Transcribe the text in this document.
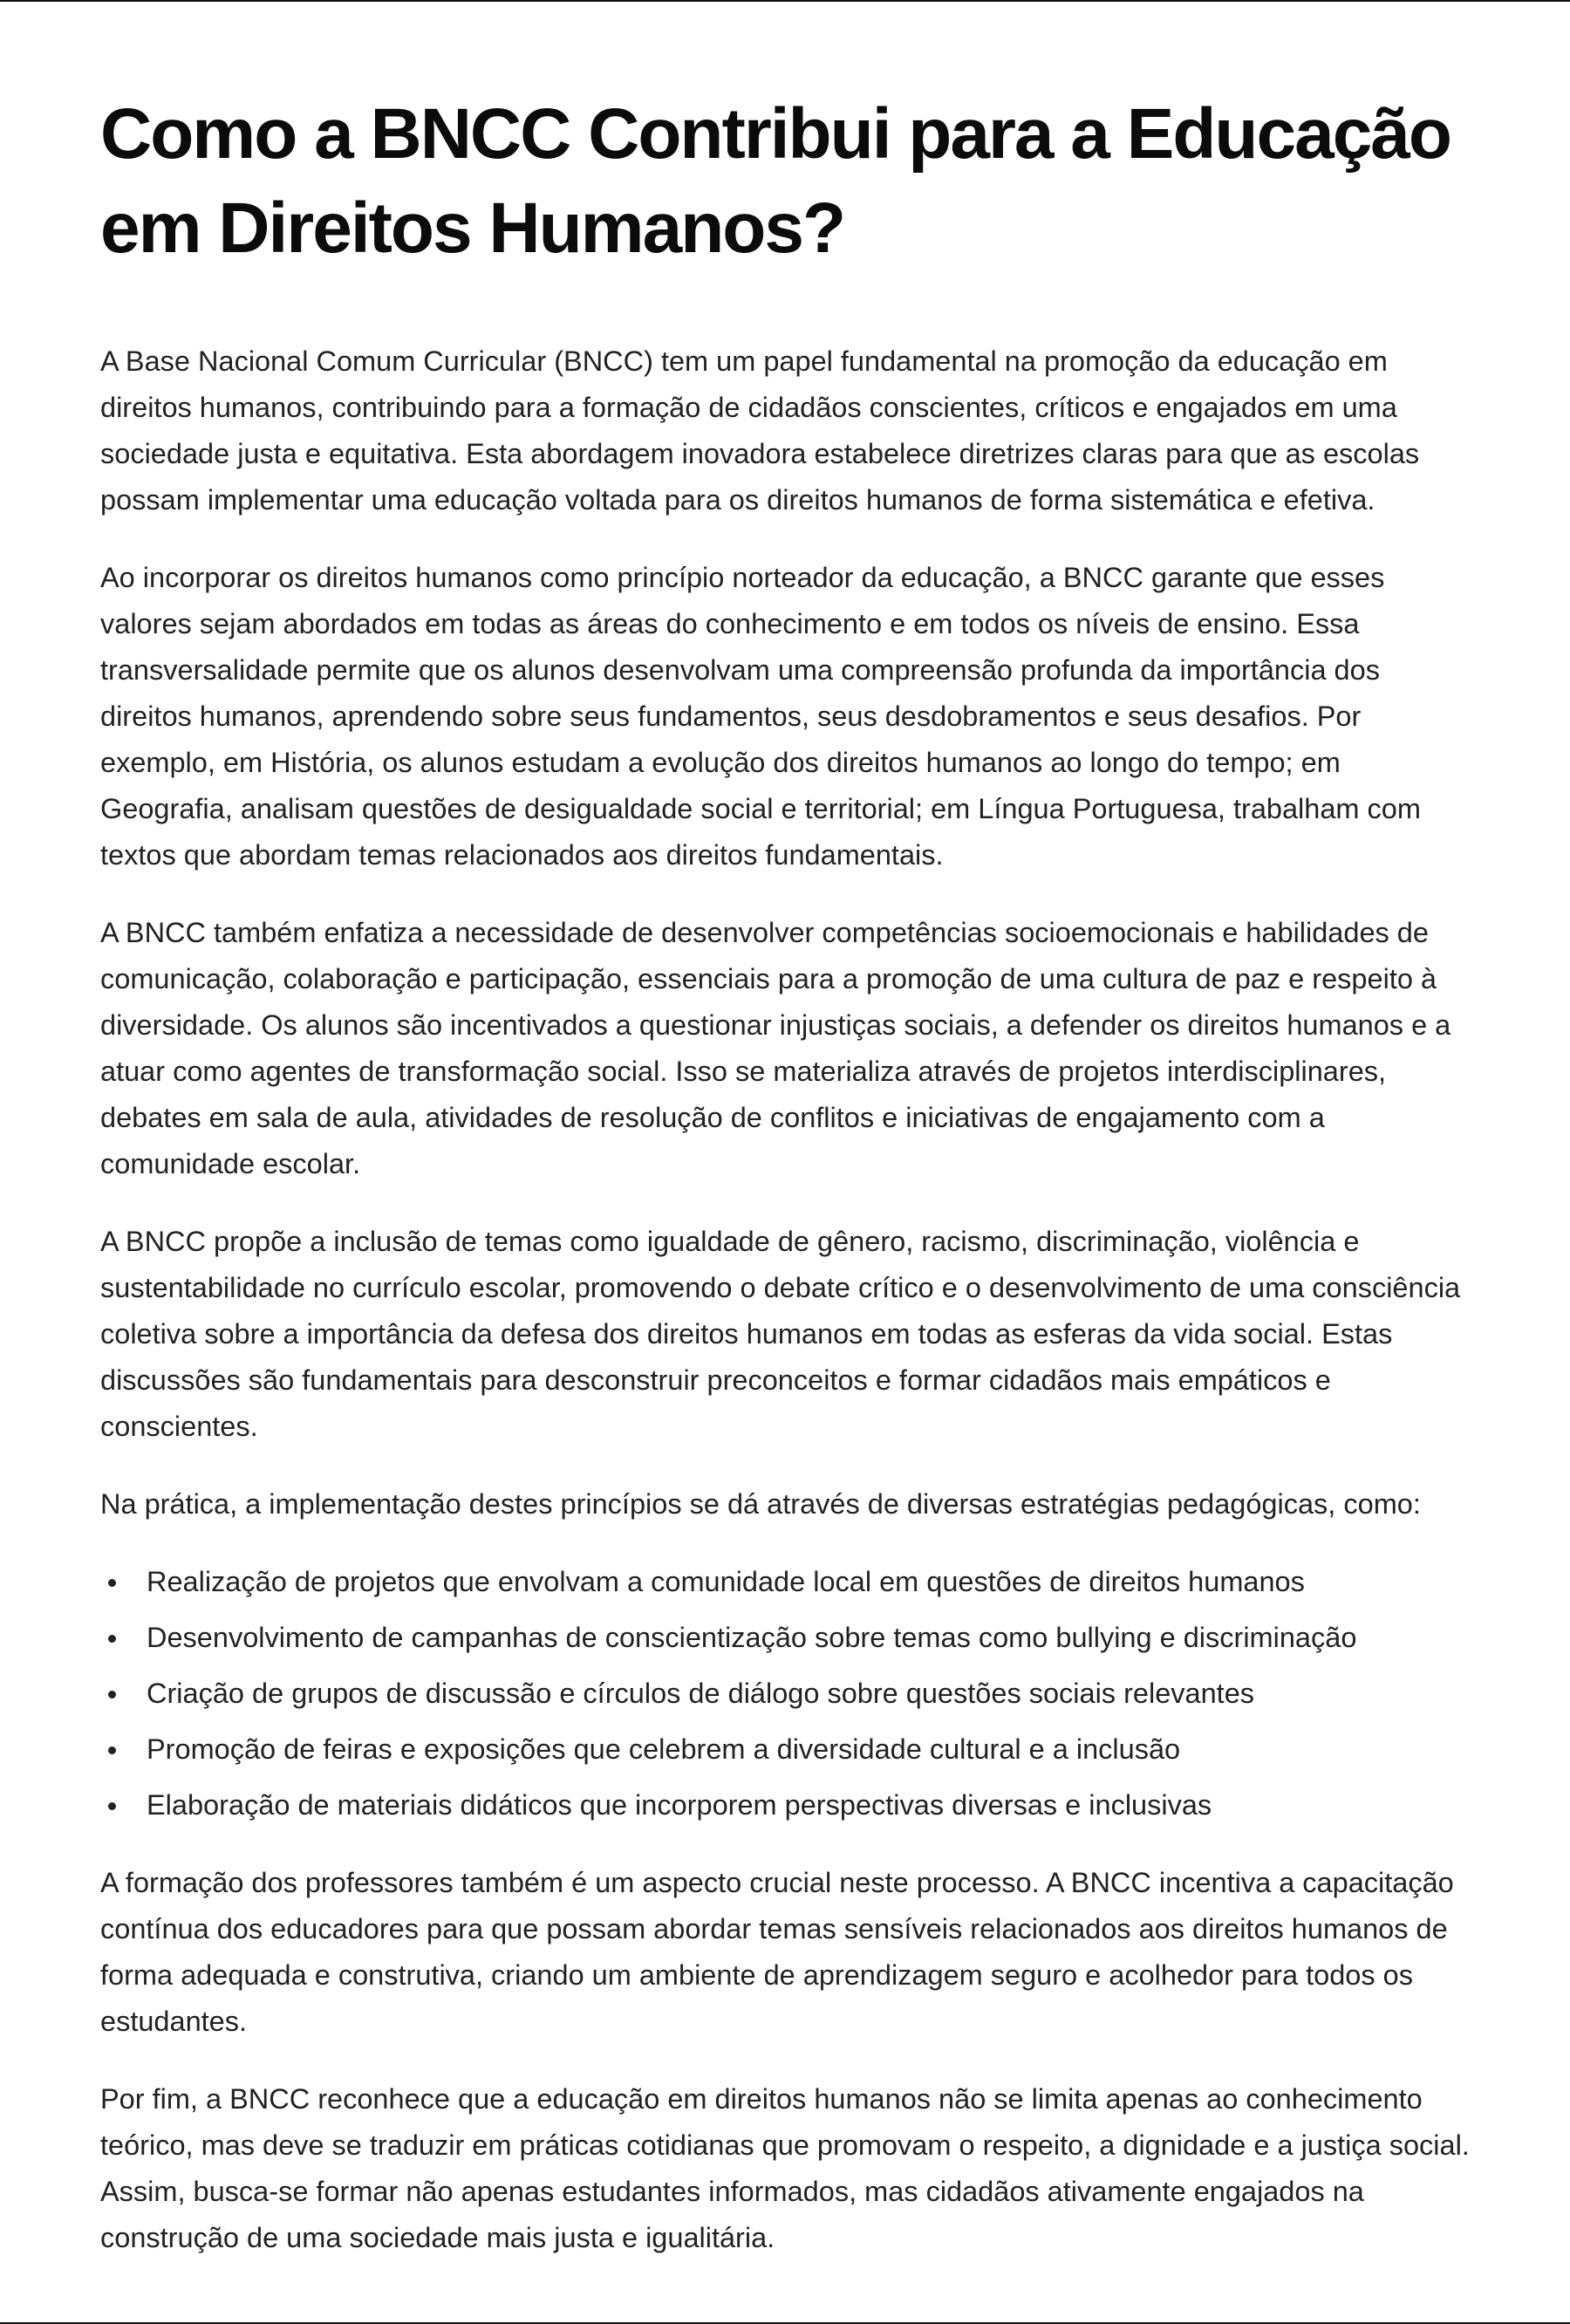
Como a BNCC Contribui para a Educação em Direitos Humanos?

A Base Nacional Comum Curricular (BNCC) tem um papel fundamental na promoção da educação em direitos humanos, contribuindo para a formação de cidadãos conscientes, críticos e engajados em uma sociedade justa e equitativa. Esta abordagem inovadora estabelece diretrizes claras para que as escolas possam implementar uma educação voltada para os direitos humanos de forma sistemática e efetiva.

Ao incorporar os direitos humanos como princípio norteador da educação, a BNCC garante que esses valores sejam abordados em todas as áreas do conhecimento e em todos os níveis de ensino. Essa transversalidade permite que os alunos desenvolvam uma compreensão profunda da importância dos direitos humanos, aprendendo sobre seus fundamentos, seus desdobramentos e seus desafios. Por exemplo, em História, os alunos estudam a evolução dos direitos humanos ao longo do tempo; em Geografia, analisam questões de desigualdade social e territorial; em Língua Portuguesa, trabalham com textos que abordam temas relacionados aos direitos fundamentais.

A BNCC também enfatiza a necessidade de desenvolver competências socioemocionais e habilidades de comunicação, colaboração e participação, essenciais para a promoção de uma cultura de paz e respeito à diversidade. Os alunos são incentivados a questionar injustiças sociais, a defender os direitos humanos e a atuar como agentes de transformação social. Isso se materializa através de projetos interdisciplinares, debates em sala de aula, atividades de resolução de conflitos e iniciativas de engajamento com a comunidade escolar.

A BNCC propõe a inclusão de temas como igualdade de gênero, racismo, discriminação, violência e sustentabilidade no currículo escolar, promovendo o debate crítico e o desenvolvimento de uma consciência coletiva sobre a importância da defesa dos direitos humanos em todas as esferas da vida social. Estas discussões são fundamentais para desconstruir preconceitos e formar cidadãos mais empáticos e conscientes.

Na prática, a implementação destes princípios se dá através de diversas estratégias pedagógicas, como:

Realização de projetos que envolvam a comunidade local em questões de direitos humanos
Desenvolvimento de campanhas de conscientização sobre temas como bullying e discriminação
Criação de grupos de discussão e círculos de diálogo sobre questões sociais relevantes
Promoção de feiras e exposições que celebrem a diversidade cultural e a inclusão
Elaboração de materiais didáticos que incorporem perspectivas diversas e inclusivas

A formação dos professores também é um aspecto crucial neste processo. A BNCC incentiva a capacitação contínua dos educadores para que possam abordar temas sensíveis relacionados aos direitos humanos de forma adequada e construtiva, criando um ambiente de aprendizagem seguro e acolhedor para todos os estudantes.

Por fim, a BNCC reconhece que a educação em direitos humanos não se limita apenas ao conhecimento teórico, mas deve se traduzir em práticas cotidianas que promovam o respeito, a dignidade e a justiça social. Assim, busca-se formar não apenas estudantes informados, mas cidadãos ativamente engajados na construção de uma sociedade mais justa e igualitária.
